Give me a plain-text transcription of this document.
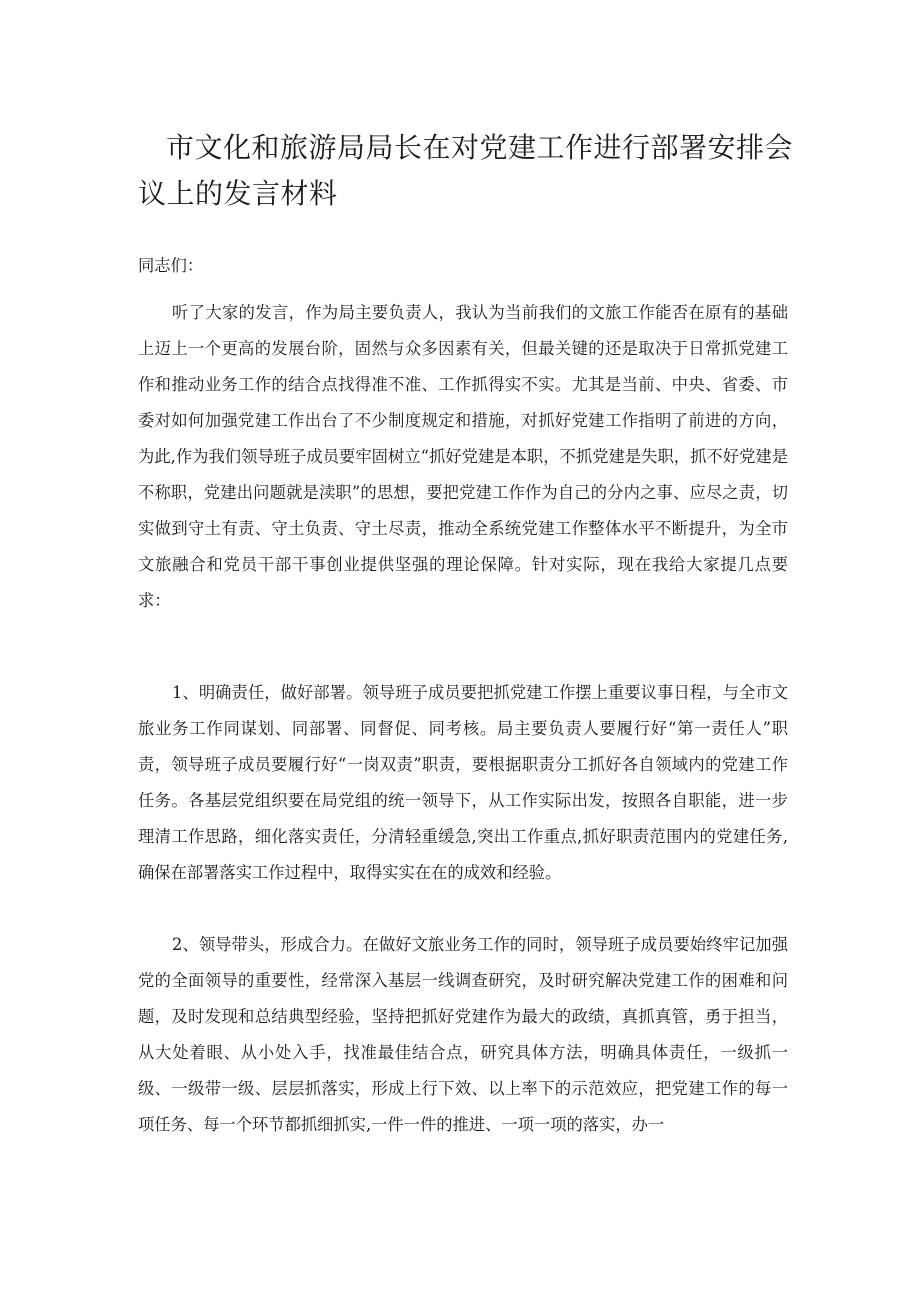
市文化和旅游局局长在对党建工作进行部署安排会议上的发言材料

同志们：

听了大家的发言，作为局主要负责人，我认为当前我们的文旅工作能否在原有的基础上迈上一个更高的发展台阶，固然与众多因素有关，但最关键的还是取决于日常抓党建工作和推动业务工作的结合点找得准不准、工作抓得实不实。尤其是当前、中央、省委、市委对如何加强党建工作出台了不少制度规定和措施，对抓好党建工作指明了前进的方向，为此,作为我们领导班子成员要牢固树立“抓好党建是本职，不抓党建是失职，抓不好党建是不称职，党建出问题就是渎职”的思想，要把党建工作作为自己的分内之事、应尽之责，切实做到守土有责、守土负责、守土尽责，推动全系统党建工作整体水平不断提升，为全市文旅融合和党员干部干事创业提供坚强的理论保障。针对实际，现在我给大家提几点要求：

1、明确责任，做好部署。领导班子成员要把抓党建工作摆上重要议事日程，与全市文旅业务工作同谋划、同部署、同督促、同考核。局主要负责人要履行好“第一责任人”职责，领导班子成员要履行好“一岗双责”职责，要根据职责分工抓好各自领域内的党建工作任务。各基层党组织要在局党组的统一领导下，从工作实际出发，按照各自职能，进一步理清工作思路，细化落实责任，分清轻重缓急,突出工作重点,抓好职责范围内的党建任务,确保在部署落实工作过程中，取得实实在在的成效和经验。

2、领导带头，形成合力。在做好文旅业务工作的同时，领导班子成员要始终牢记加强党的全面领导的重要性，经常深入基层一线调查研究，及时研究解决党建工作的困难和问题，及时发现和总结典型经验，坚持把抓好党建作为最大的政绩，真抓真管，勇于担当，从大处着眼、从小处入手，找准最佳结合点，研究具体方法，明确具体责任，一级抓一级、一级带一级、层层抓落实，形成上行下效、以上率下的示范效应，把党建工作的每一项任务、每一个环节都抓细抓实,一件一件的推进、一项一项的落实，办一
